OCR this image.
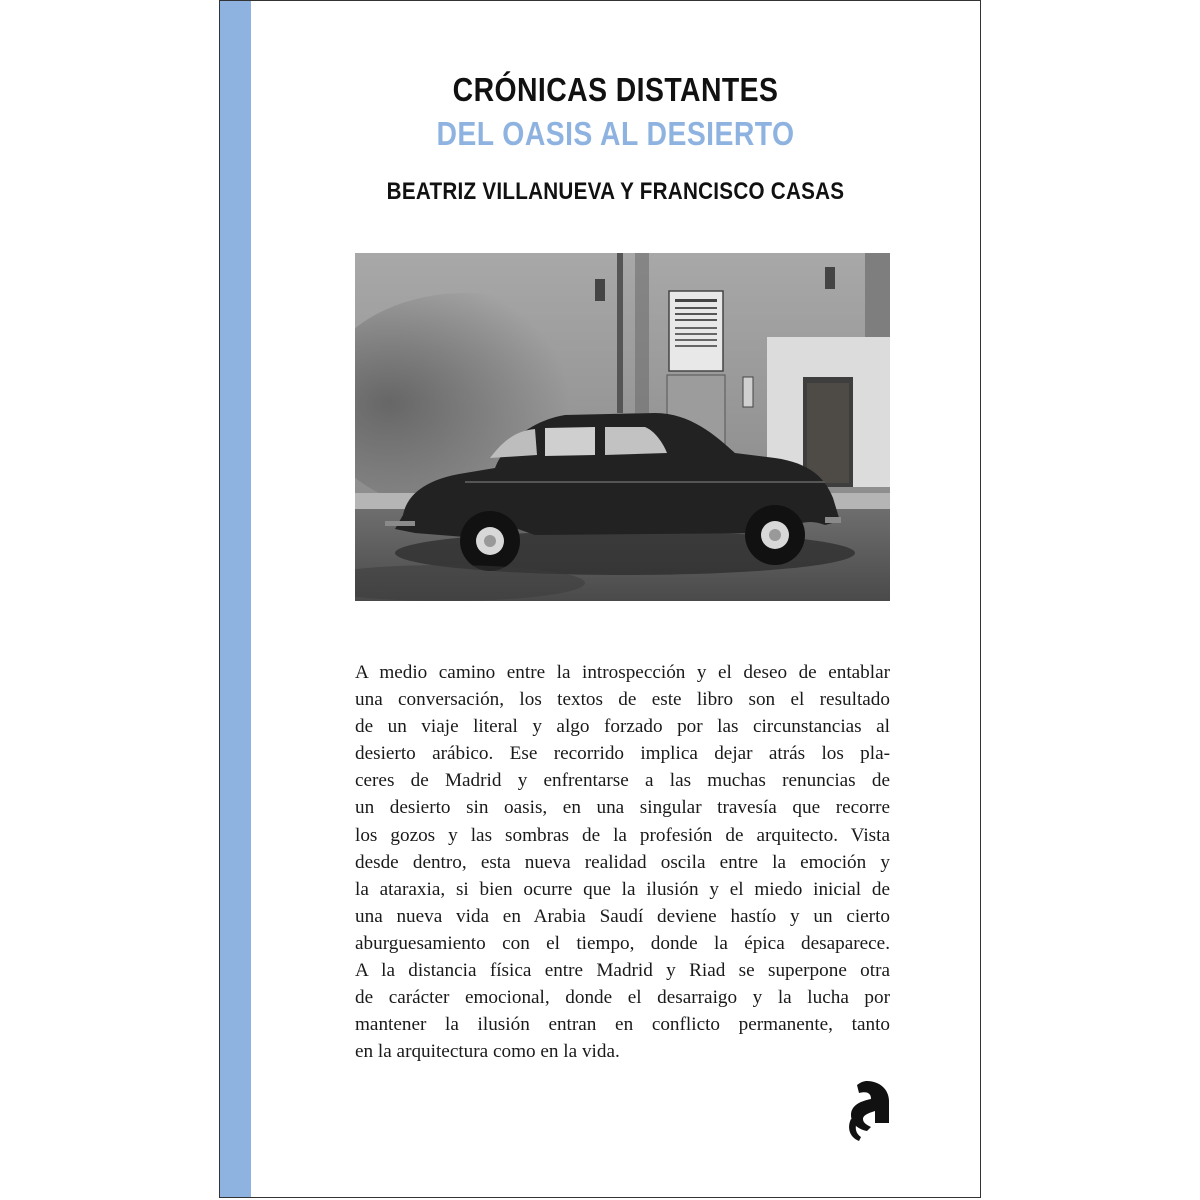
CRÓNICAS DISTANTES
DEL OASIS AL DESIERTO
BEATRIZ VILLANUEVA Y FRANCISCO CASAS
A medio camino entre la introspección y el deseo de entablar
una conversación, los textos de este libro son el resultado
de un viaje literal y algo forzado por las circunstancias al
desierto arábico. Ese recorrido implica dejar atrás los pla-
ceres de Madrid y enfrentarse a las muchas renuncias de
un desierto sin oasis, en una singular travesía que recorre
los gozos y las sombras de la profesión de arquitecto. Vista
desde dentro, esta nueva realidad oscila entre la emoción y
la ataraxia, si bien ocurre que la ilusión y el miedo inicial de
una nueva vida en Arabia Saudí deviene hastío y un cierto
aburguesamiento con el tiempo, donde la épica desaparece.
A la distancia física entre Madrid y Riad se superpone otra
de carácter emocional, donde el desarraigo y la lucha por
mantener la ilusión entran en conflicto permanente, tanto
en la arquitectura como en la vida.
